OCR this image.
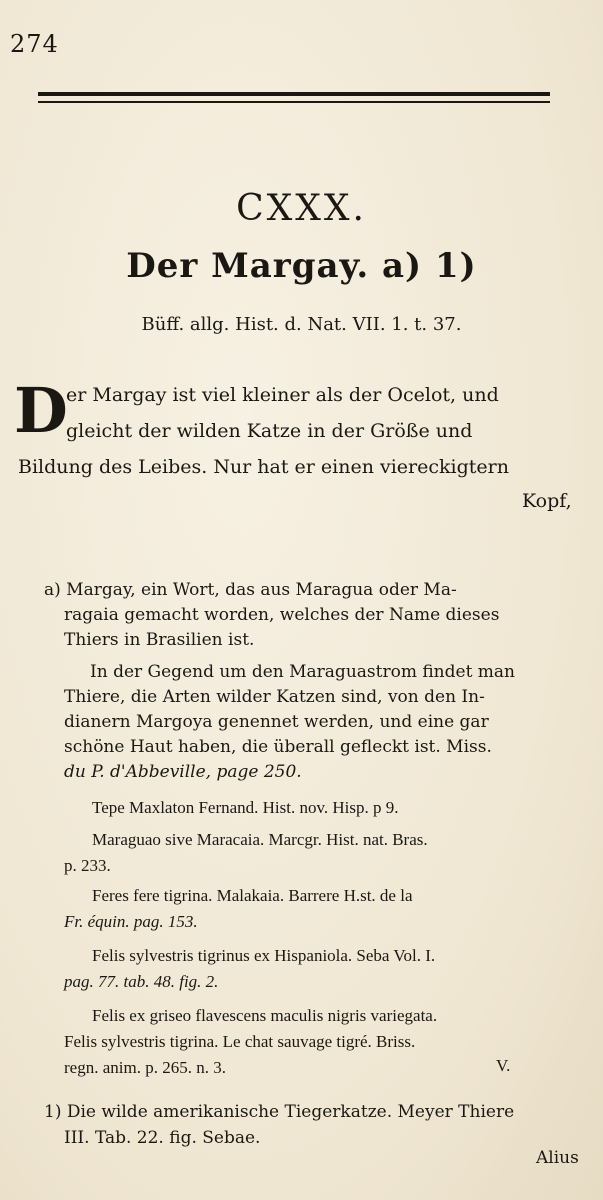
274
CXXX.
Der Margay. a) 1)
Büff. allg. Hist. d. Nat. VII. 1. t. 37.
D
er Margay ist viel kleiner als der Ocelot, und
gleicht der wilden Katze in der Größe und
Bildung des Leibes. Nur hat er einen viereckigtern
Kopf,
a) Margay, ein Wort, das aus Maragua oder Ma-
ragaia gemacht worden, welches der Name dieses
Thiers in Brasilien ist.
In der Gegend um den Maraguastrom findet man
Thiere, die Arten wilder Katzen sind, von den In-
dianern Margoya genennet werden, und eine gar
schöne Haut haben, die überall gefleckt ist. Miss.
du P. d'Abbeville, page 250.
Tepe Maxlaton Fernand. Hist. nov. Hisp. p 9.
Maraguao sive Maracaia. Marcgr. Hist. nat. Bras.
p. 233.
Feres fere tigrina. Malakaia. Barrere H.st. de la
Fr. équin. pag. 153.
Felis sylvestris tigrinus ex Hispaniola. Seba Vol. I.
pag. 77. tab. 48. fig. 2.
Felis ex griseo flavescens maculis nigris variegata.
Felis sylvestris tigrina. Le chat sauvage tigré. Briss.
regn. anim. p. 265. n. 3.	V.
1) Die wilde amerikanische Tiegerkatze. Meyer Thiere
III. Tab. 22. fig. Sebae.
Alius
